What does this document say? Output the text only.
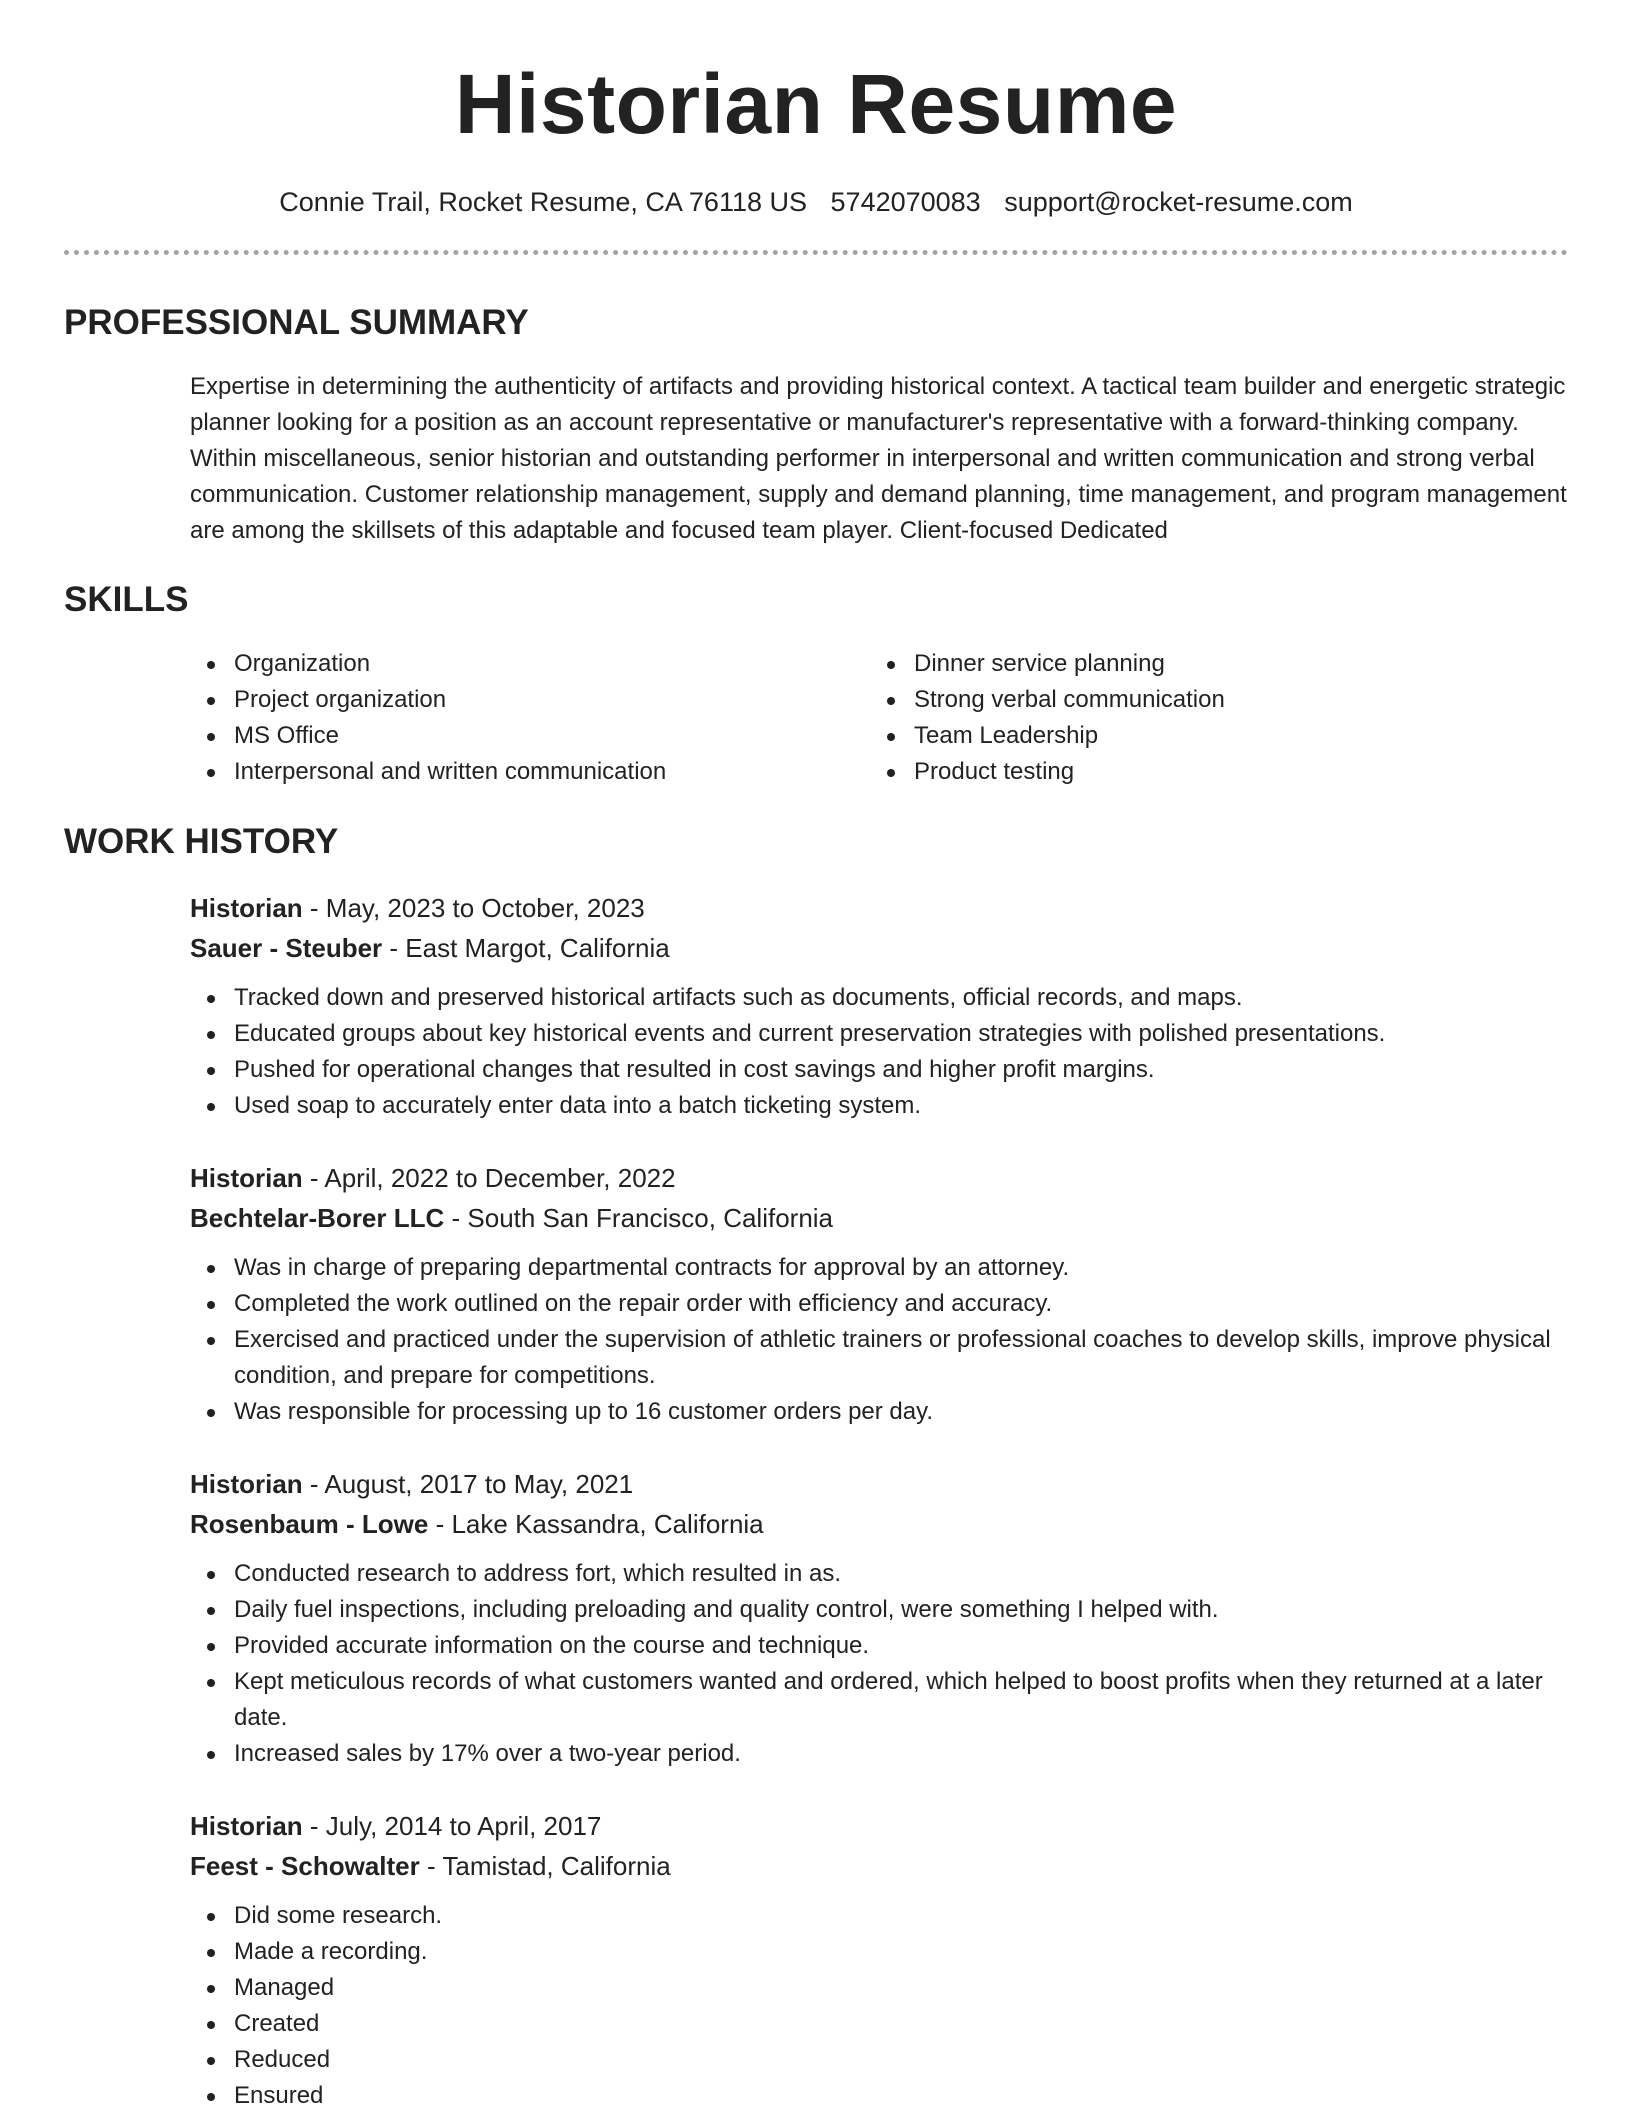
Historian Resume
Connie Trail, Rocket Resume, CA 76118 US 5742070083 support@rocket-resume.com
PROFESSIONAL SUMMARY
Expertise in determining the authenticity of artifacts and providing historical context. A tactical team builder and energetic strategic planner looking for a position as an account representative or manufacturer's representative with a forward-thinking company. Within miscellaneous, senior historian and outstanding performer in interpersonal and written communication and strong verbal communication. Customer relationship management, supply and demand planning, time management, and program management are among the skillsets of this adaptable and focused team player. Client-focused Dedicated
SKILLS
Organization
Project organization
MS Office
Interpersonal and written communication
Dinner service planning
Strong verbal communication
Team Leadership
Product testing
WORK HISTORY
Historian - May, 2023 to October, 2023
Sauer - Steuber - East Margot, California
Tracked down and preserved historical artifacts such as documents, official records, and maps.
Educated groups about key historical events and current preservation strategies with polished presentations.
Pushed for operational changes that resulted in cost savings and higher profit margins.
Used soap to accurately enter data into a batch ticketing system.
Historian - April, 2022 to December, 2022
Bechtelar-Borer LLC - South San Francisco, California
Was in charge of preparing departmental contracts for approval by an attorney.
Completed the work outlined on the repair order with efficiency and accuracy.
Exercised and practiced under the supervision of athletic trainers or professional coaches to develop skills, improve physical condition, and prepare for competitions.
Was responsible for processing up to 16 customer orders per day.
Historian - August, 2017 to May, 2021
Rosenbaum - Lowe - Lake Kassandra, California
Conducted research to address fort, which resulted in as.
Daily fuel inspections, including preloading and quality control, were something I helped with.
Provided accurate information on the course and technique.
Kept meticulous records of what customers wanted and ordered, which helped to boost profits when they returned at a later date.
Increased sales by 17% over a two-year period.
Historian - July, 2014 to April, 2017
Feest - Schowalter - Tamistad, California
Did some research.
Made a recording.
Managed
Created
Reduced
Ensured
